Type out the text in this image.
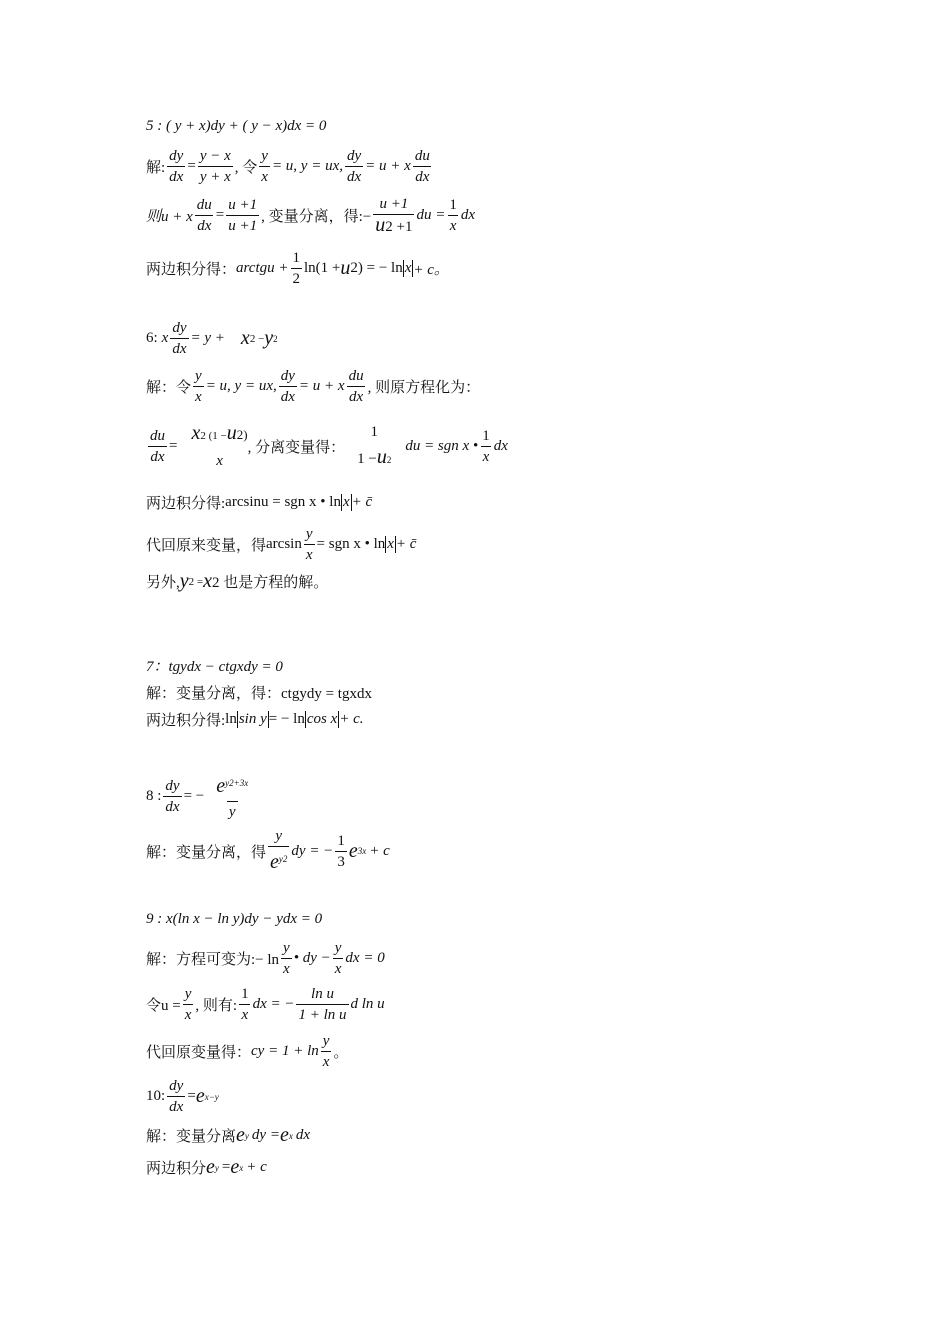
5 : ( y + x)dy + ( y − x)dx = 0
解: $\frac{dy}{dx} = \frac{y - x}{y + x}$ , 令 $\frac{y}{x} = u$, y = ux, $\frac{dy}{dx} = u + x \frac{du}{dx}$
则u + x $\frac{du}{dx} = \frac{u +1}{u +1}$ , 变量分离，得:− $\frac{u +1}{u2 +1}$ du = $\frac{1}{x}$ dx
两边积分得： arctgu + $\frac{1}{2} \ln(1 + u$ 2) = − ln x + c。
6: x $\frac{dy}{dx} = y + x$ 2 − y 2
解：令 $\frac{y}{x} = u$, y = ux, $\frac{dy}{dx} = u + x \frac{du}{dx}$ , 则原方程化为：
$\frac{du}{dx}$ =
x2 (1 −u2)
x
, 分离变量得：
1
1 −u2
du = sgn x • $\frac{1}{x}$ dx
两边积分得: arcsinu = sgn x • ln x + c̄
代回原来变量，得 $\arcsin \frac{y}{x}$ = sgn x • ln x + c̄
另外, y 2 = x 2 也是方程的解。
7：tgydx − ctgxdy = 0
解：变量分离，得：ctgydy = tgxdx
两边积分得: ln sin y = − ln cos x + c.
8 : $\frac{dy}{dx}$ = − $\frac{e^{y2+3x}}{y}$
解：变量分离，得 $\frac{y}{e^{y2}}$ dy = − $\frac{1}{3}$ e 3x + c
9 : x(ln x − ln y)dy − ydx = 0
解：方程可变为:− $\ln \frac{y}{x}$ • dy − $\frac{y}{x}$ dx = 0
令$u = \frac{y}{x}$ , 则有: $\frac{1}{x}$ dx = − $\frac{\text{ln u}}{\text{1 + ln u}}$ d ln u
代回原变量得： cy = $1 + \ln \frac{y}{x}$ 。
10: $\frac{dy}{dx} = e$ x−y
解：变量分离 e y dy = e x dx
两边积分 e y = e x + c
